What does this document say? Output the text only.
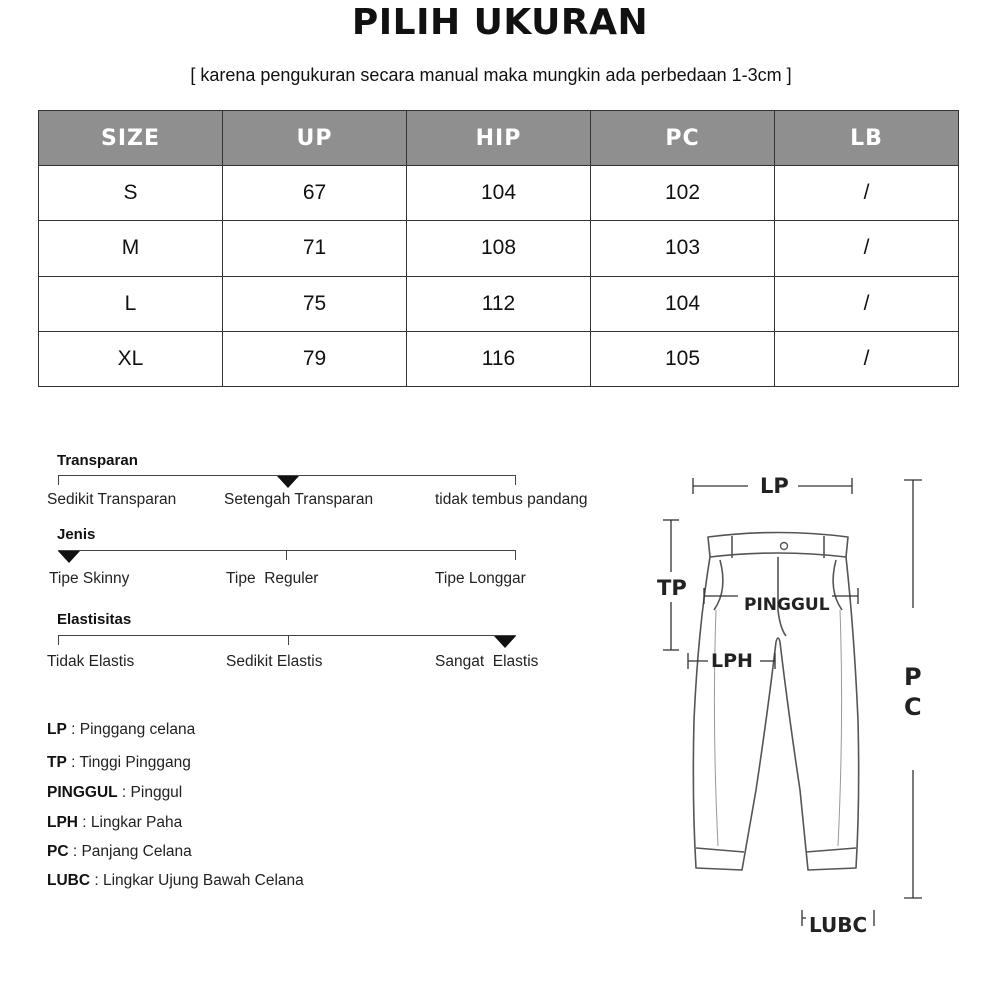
PILIH UKURAN
[ karena pengukuran secara manual maka mungkin ada perbedaan 1-3cm ]
SIZE	UP	HIP	PC	LB
S	67	104	102	/
M	71	108	103	/
L	75	112	104	/
XL	79	116	105	/
Transparan
Sedikit Transparan	Setengah Transparan	tidak tembus pandang
Jenis
Tipe Skinny	Tipe  Reguler	Tipe Longgar
Elastisitas
Tidak Elastis	Sedikit Elastis	Sangat  Elastis
LP : Pinggang celana
TP : Tinggi Pinggang
PINGGUL : Pinggul
LPH : Lingkar Paha
PC : Panjang Celana
LUBC : Lingkar Ujung Bawah Celana
LP
TP
PINGGUL
LPH
P
C
LUBC
